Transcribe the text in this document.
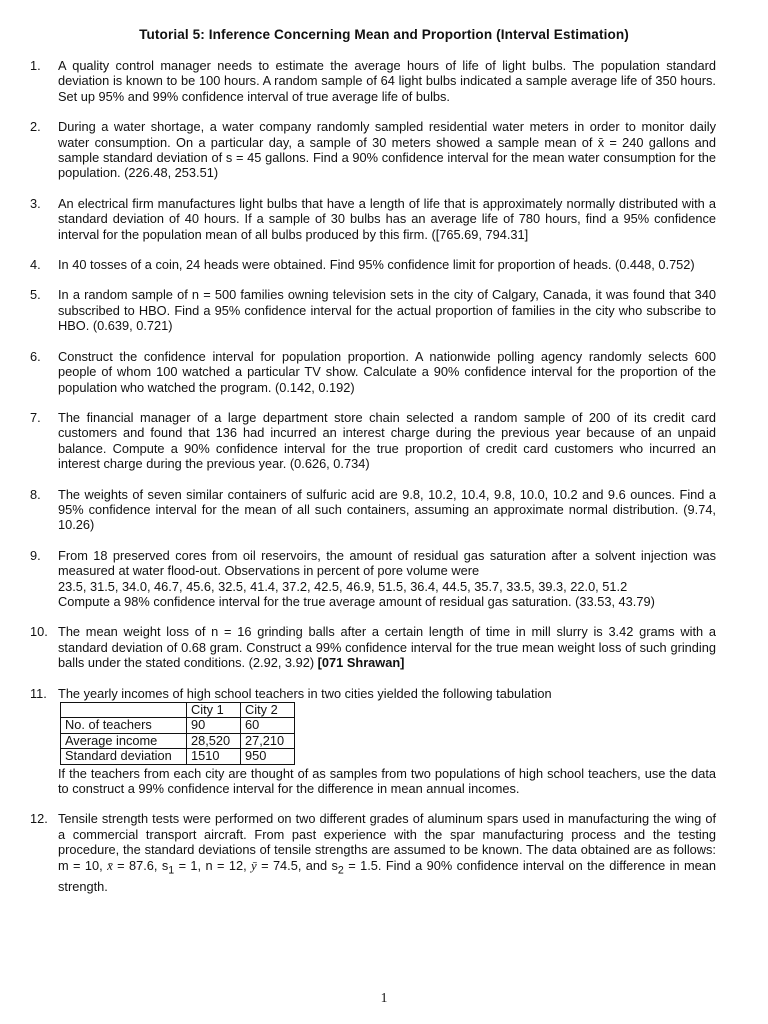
Tutorial 5: Inference Concerning Mean and Proportion (Interval Estimation)
1.	A quality control manager needs to estimate the average hours of life of light bulbs. The population standard deviation is known to be 100 hours. A random sample of 64 light bulbs indicated a sample average life of 350 hours. Set up 95% and 99% confidence interval of true average life of bulbs.

2.	During a water shortage, a water company randomly sampled residential water meters in order to monitor daily water consumption. On a particular day, a sample of 30 meters showed a sample mean of x̄ = 240 gallons and sample standard deviation of s = 45 gallons. Find a 90% confidence interval for the mean water consumption for the population. (226.48, 253.51)

3.	An electrical firm manufactures light bulbs that have a length of life that is approximately normally distributed with a standard deviation of 40 hours. If a sample of 30 bulbs has an average life of 780 hours, find a 95% confidence interval for the population mean of all bulbs produced by this firm. ([765.69, 794.31]

4.	In 40 tosses of a coin, 24 heads were obtained. Find 95% confidence limit for proportion of heads. (0.448, 0.752)

5.	In a random sample of n = 500 families owning television sets in the city of Calgary, Canada, it was found that 340 subscribed to HBO. Find a 95% confidence interval for the actual proportion of families in the city who subscribe to HBO. (0.639, 0.721)

6.	Construct the confidence interval for population proportion. A nationwide polling agency randomly selects 600 people of whom 100 watched a particular TV show. Calculate a 90% confidence interval for the proportion of the population who watched the program. (0.142, 0.192)

7.	The financial manager of a large department store chain selected a random sample of 200 of its credit card customers and found that 136 had incurred an interest charge during the previous year because of an unpaid balance. Compute a 90% confidence interval for the true proportion of credit card customers who incurred an interest charge during the previous year. (0.626, 0.734)

8.	The weights of seven similar containers of sulfuric acid are 9.8, 10.2, 10.4, 9.8, 10.0, 10.2 and 9.6 ounces. Find a 95% confidence interval for the mean of all such containers, assuming an approximate normal distribution. (9.74, 10.26)

9.	From 18 preserved cores from oil reservoirs, the amount of residual gas saturation after a solvent injection was measured at water flood-out. Observations in percent of pore volume were

23.5, 31.5, 34.0, 46.7, 45.6, 32.5, 41.4, 37.2, 42.5, 46.9, 51.5, 36.4, 44.5, 35.7, 33.5, 39.3, 22.0, 51.2

Compute a 98% confidence interval for the true average amount of residual gas saturation. (33.53, 43.79)

10. The mean weight loss of n = 16 grinding balls after a certain length of time in mill slurry is 3.42 grams with a standard deviation of 0.68 gram. Construct a 99% confidence interval for the true mean weight loss of such grinding balls under the stated conditions. (2.92, 3.92) [071 Shrawan]

11. The yearly incomes of high school teachers in two cities yielded the following tabulation

	City 1	City 2
No. of teachers	90	60
Average income	28,520	27,210
Standard deviation	1510	950

If the teachers from each city are thought of as samples from two populations of high school teachers, use the data to construct a 99% confidence interval for the difference in mean annual incomes.

12. Tensile strength tests were performed on two different grades of aluminum spars used in manufacturing the wing of a commercial transport aircraft. From past experience with the spar manufacturing process and the testing procedure, the standard deviations of tensile strengths are assumed to be known. The data obtained are as follows: m = 10, x̄ = 87.6, $s_1 = 1$, n = 12, ȳ = 74.5, and $s_2 = 1.5$. Find a 90% confidence interval on the difference in mean strength.

1
